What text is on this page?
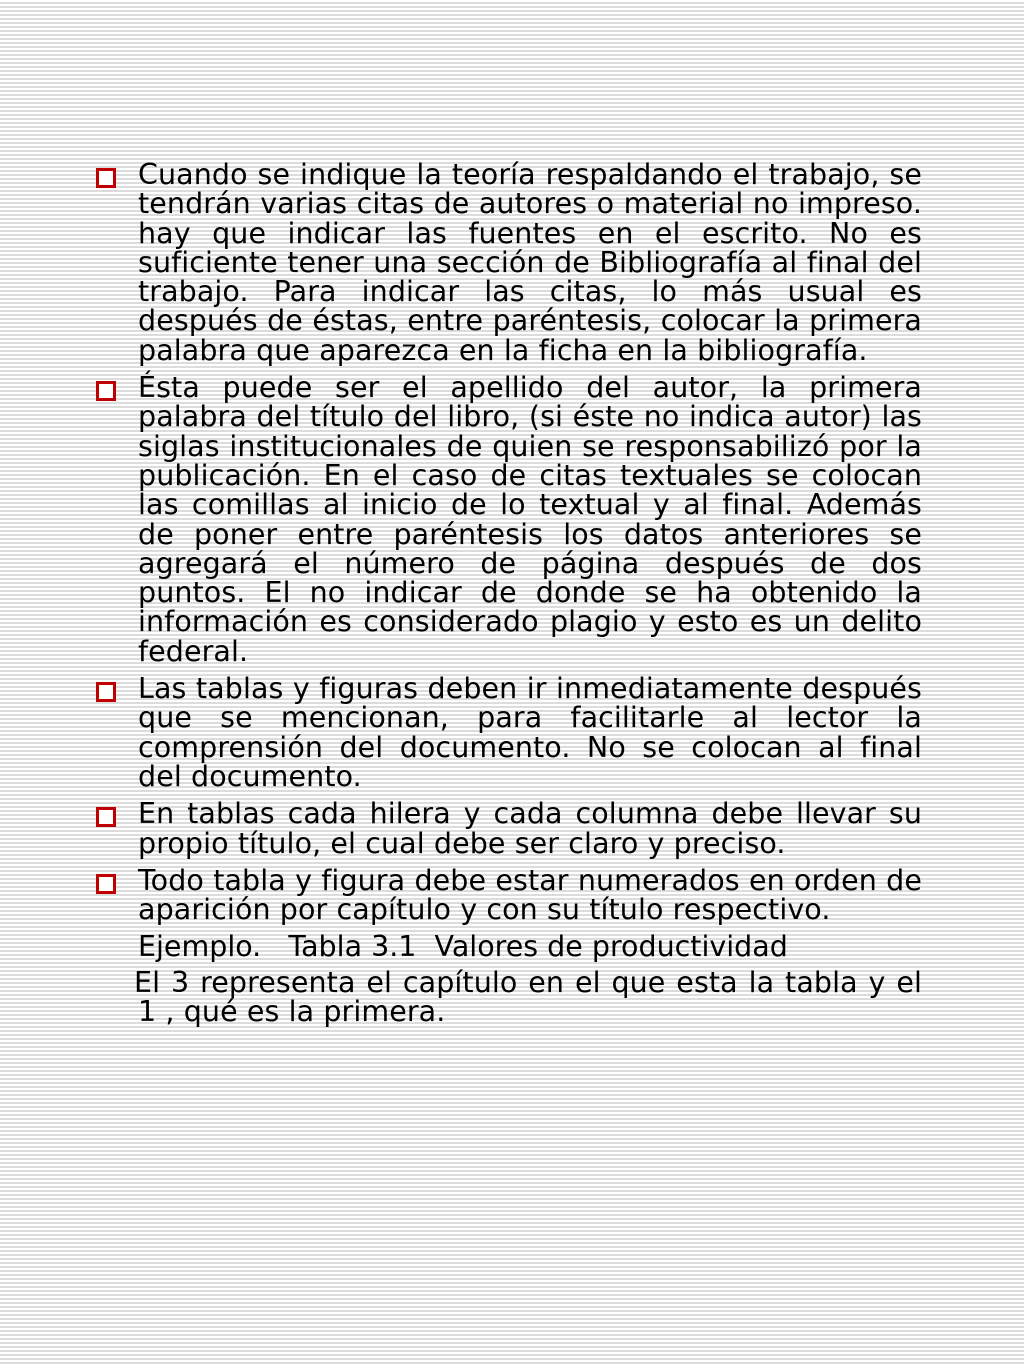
Cuando se indique la teoría respaldando el trabajo, se tendrán varias citas de autores o material no impreso. hay que indicar las fuentes en el escrito. No es suficiente tener una sección de Bibliografía al final del trabajo. Para indicar las citas, lo más usual es después de éstas, entre paréntesis, colocar la primera palabra que aparezca en la ficha en la bibliografía.
Ésta puede ser el apellido del autor, la primera palabra del título del libro, (si éste no indica autor) las siglas institucionales de quien se responsabilizó por la publicación. En el caso de citas textuales se colocan las comillas al inicio de lo textual y al final. Además de poner entre paréntesis los datos anteriores se agregará el número de página después de dos puntos. El no indicar de donde se ha obtenido la información es considerado plagio y esto es un delito federal.
Las tablas y figuras deben ir inmediatamente después que se mencionan, para facilitarle al lector la comprensión del documento. No se colocan al final del documento.
En tablas cada hilera y cada columna debe llevar su propio título, el cual debe ser claro y preciso.
Todo tabla y figura debe estar numerados en orden de aparición por capítulo y con su título respectivo.
Ejemplo.   Tabla 3.1  Valores de productividad
El 3 representa el capítulo en el que esta la tabla y el 1 , qué es la primera.
